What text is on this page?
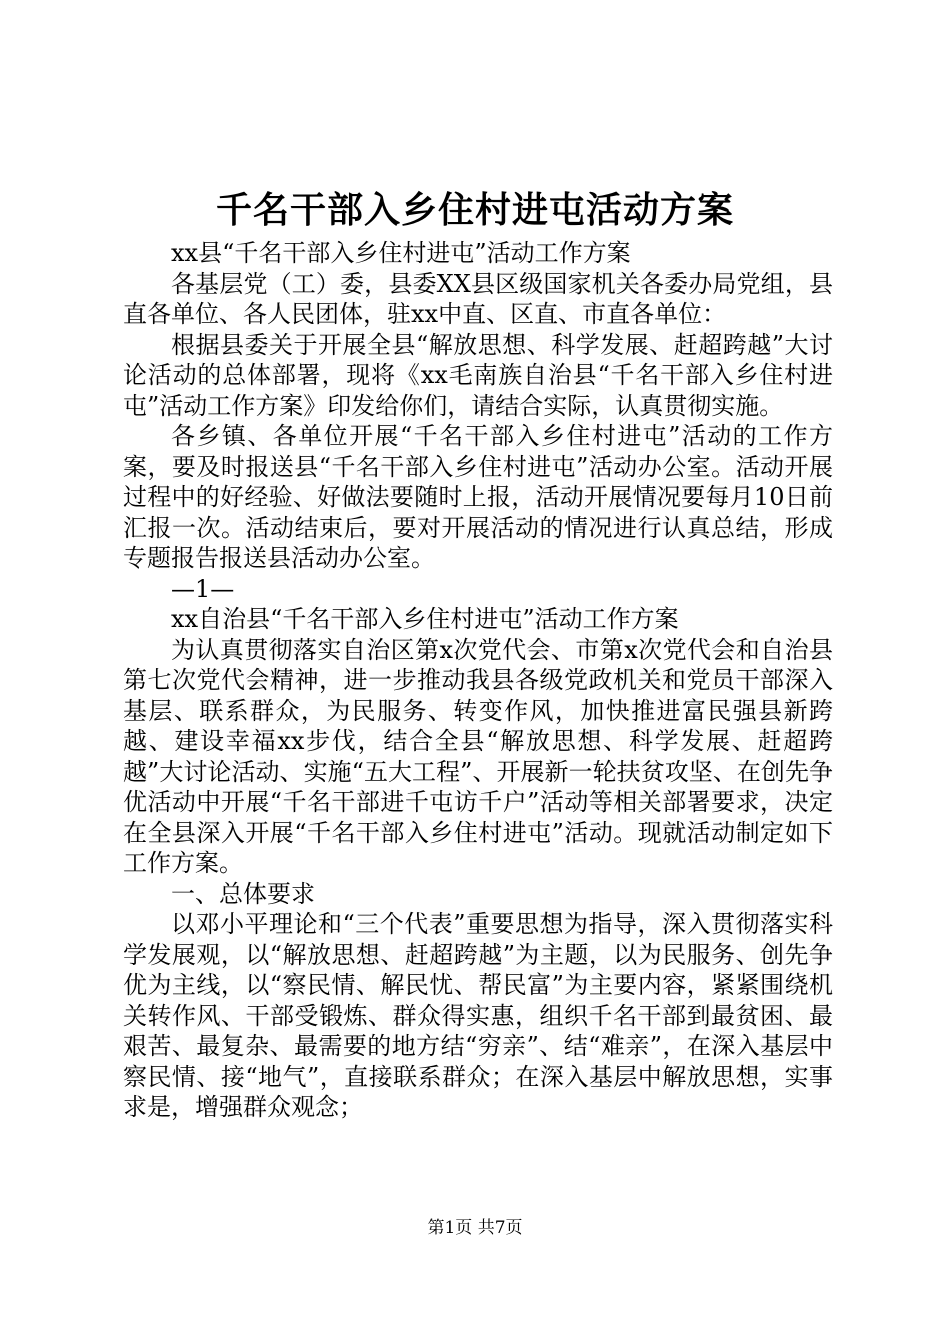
千名干部入乡住村进屯活动方案

xx县“千名干部入乡住村进屯”活动工作方案

各基层党（工）委，县委XX县区级国家机关各委办局党组，县直各单位、各人民团体，驻xx中直、区直、市直各单位：

根据县委关于开展全县“解放思想、科学发展、赶超跨越”大讨论活动的总体部署，现将《xx毛南族自治县“千名干部入乡住村进屯”活动工作方案》印发给你们，请结合实际，认真贯彻实施。

各乡镇、各单位开展“千名干部入乡住村进屯”活动的工作方案，要及时报送县“千名干部入乡住村进屯”活动办公室。活动开展过程中的好经验、好做法要随时上报，活动开展情况要每月10日前汇报一次。活动结束后，要对开展活动的情况进行认真总结，形成专题报告报送县活动办公室。

—1—

xx自治县“千名干部入乡住村进屯”活动工作方案

为认真贯彻落实自治区第x次党代会、市第x次党代会和自治县第七次党代会精神，进一步推动我县各级党政机关和党员干部深入基层、联系群众，为民服务、转变作风，加快推进富民强县新跨越、建设幸福xx步伐，结合全县“解放思想、科学发展、赶超跨越”大讨论活动、实施“五大工程”、开展新一轮扶贫攻坚、在创先争优活动中开展“千名干部进千屯访千户”活动等相关部署要求，决定在全县深入开展“千名干部入乡住村进屯”活动。现就活动制定如下工作方案。

一、总体要求

以邓小平理论和“三个代表”重要思想为指导，深入贯彻落实科学发展观，以“解放思想、赶超跨越”为主题，以为民服务、创先争优为主线，以“察民情、解民忧、帮民富”为主要内容，紧紧围绕机关转作风、干部受锻炼、群众得实惠，组织千名干部到最贫困、最艰苦、最复杂、最需要的地方结“穷亲”、结“难亲”，在深入基层中察民情、接“地气”，直接联系群众；在深入基层中解放思想，实事求是，增强群众观念；

第1页 共7页
